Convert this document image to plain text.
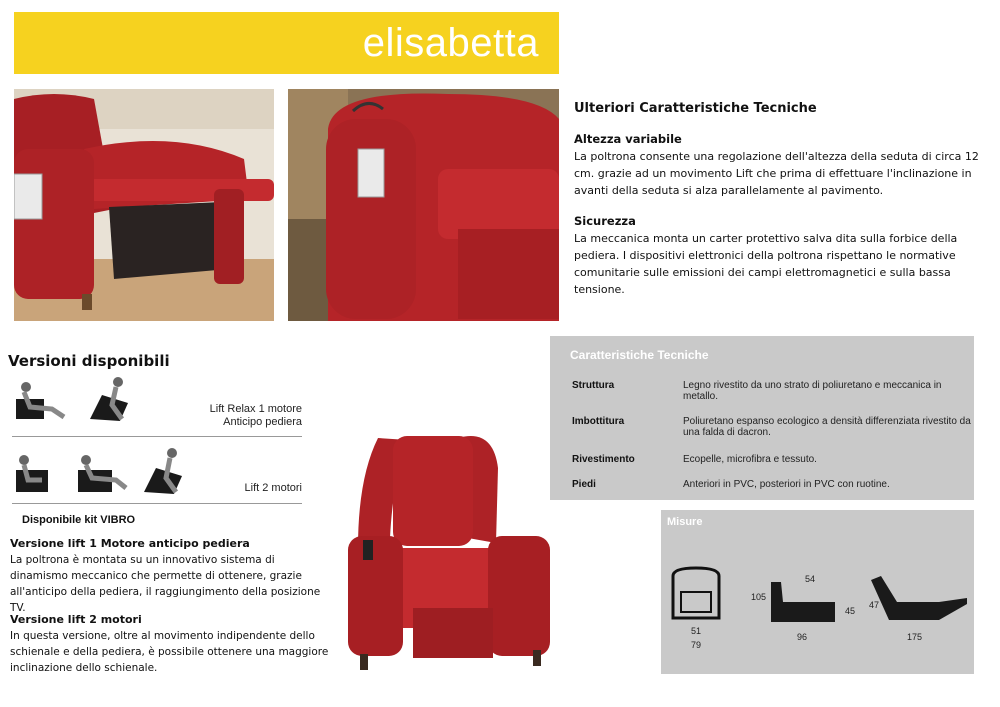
elisabetta
Ulteriori Caratteristiche Tecniche
Altezza variabile

La poltrona consente una regolazione dell'altezza della seduta di circa 12 cm. grazie ad un movimento Lift che prima di effettuare l'inclinazione in avanti della seduta si alza parallelamente al pavimento.

Sicurezza

La meccanica monta un carter protettivo salva dita sulla forbice della pediera. I dispositivi elettronici della poltrona rispettano le normative comunitarie sulle emissioni dei campi elettromagnetici e sulla bassa tensione.

Versioni disponibili
Lift Relax 1 motore
Anticipo pediera
Lift 2 motori
Disponibile kit VIBRO
Versione lift 1 Motore anticipo pediera

La poltrona è montata su un innovativo sistema di dinamismo meccanico che permette di ottenere, grazie all'anticipo della pediera, il raggiungimento della posizione TV.

Versione lift 2 motori

In questa versione, oltre al movimento indipendente dello schienale e della pediera, è possibile ottenere una maggiore inclinazione dello schienale.

Caratteristiche Tecniche
Struttura	Legno rivestito da uno strato di poliuretano e meccanica in metallo.
Imbottitura	Poliuretano espanso ecologico a densità differenziata rivestito da una falda di dacron.
Rivestimento	Ecopelle, microfibra e tessuto.
Piedi	Anteriori in PVC, posteriori in PVC con ruotine.
Misure
51
79
105
54
45
96
47
175
